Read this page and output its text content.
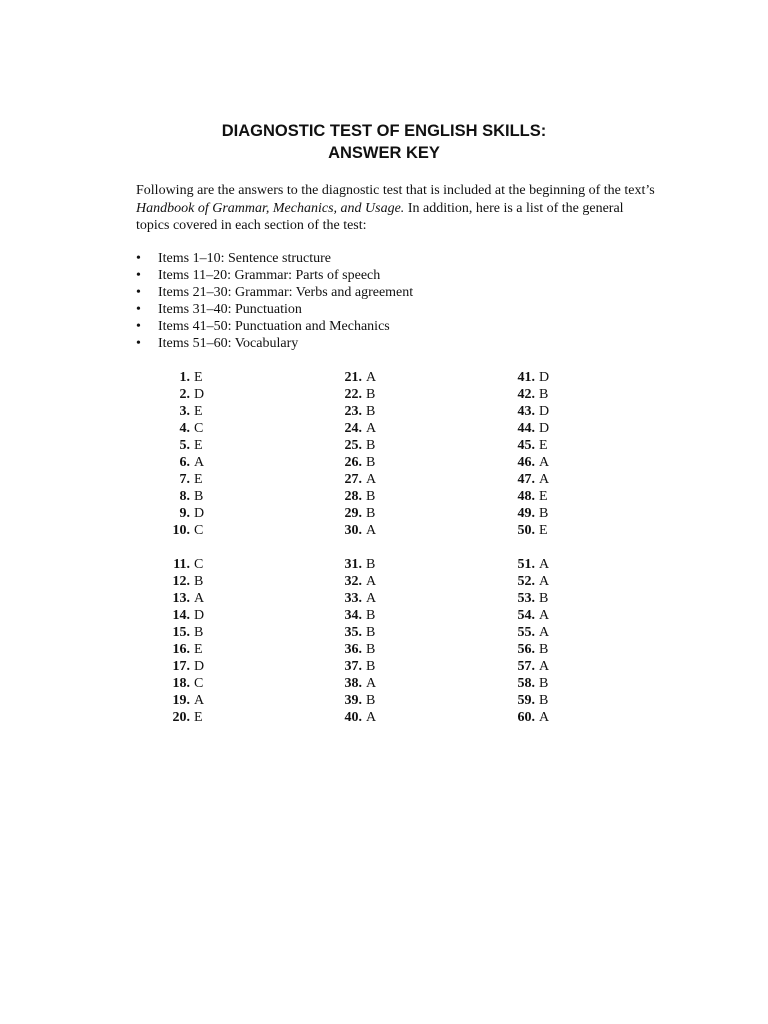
DIAGNOSTIC TEST OF ENGLISH SKILLS:
ANSWER KEY

Following are the answers to the diagnostic test that is included at the beginning of the text’s Handbook of Grammar, Mechanics, and Usage. In addition, here is a list of the general topics covered in each section of the test:

• Items 1–10: Sentence structure
• Items 11–20: Grammar: Parts of speech
• Items 21–30: Grammar: Verbs and agreement
• Items 31–40: Punctuation
• Items 41–50: Punctuation and Mechanics
• Items 51–60: Vocabulary
1. E
2. D
3. E
4. C
5. E
6. A
7. E
8. B
9. D
10. C
11. C
12. B
13. A
14. D
15. B
16. E
17. D
18. C
19. A
20. E
21. A
22. B
23. B
24. A
25. B
26. B
27. A
28. B
29. B
30. A
31. B
32. A
33. A
34. B
35. B
36. B
37. B
38. A
39. B
40. A
41. D
42. B
43. D
44. D
45. E
46. A
47. A
48. E
49. B
50. E
51. A
52. A
53. B
54. A
55. A
56. B
57. A
58. B
59. B
60. A
